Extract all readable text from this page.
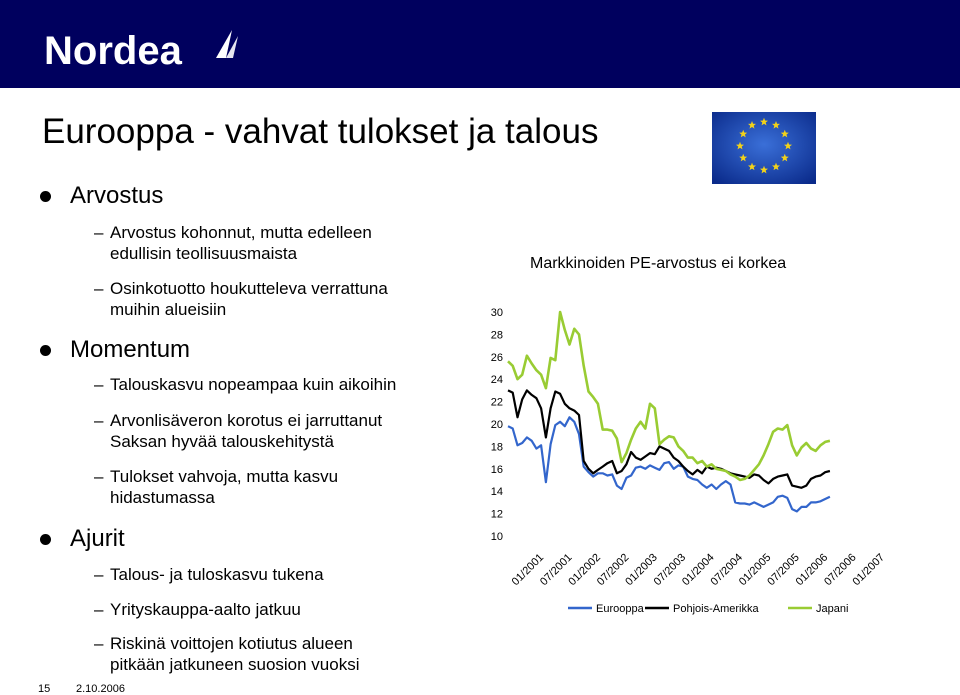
Nordea
Eurooppa - vahvat tulokset ja talous
Arvostus
– Arvostus kohonnut, mutta edelleen
edullisin teollisuusmaista
– Osinkotuotto houkutteleva verrattuna
muihin alueisiin
Momentum
– Talouskasvu nopeampaa kuin aikoihin
– Arvonlisäveron korotus ei jarruttanut
Saksan hyvää talouskehitystä
– Tulokset vahvoja, mutta kasvu
hidastumassa
Ajurit
– Talous- ja tuloskasvu tukena
– Yrityskauppa-aalto jatkuu
– Riskinä voittojen kotiutus alueen
pitkään jatkuneen suosion vuoksi
Markkinoiden PE-arvostus ei korkea
10
12
14
16
18
20
22
24
26
28
30
01/2001
07/2001
01/2002
07/2002
01/2003
07/2003
01/2004
07/2004
01/2005
07/2005
01/2006
07/2006
01/2007
Eurooppa	Pohjois-Amerikka	Japani
15 2.10.2006
